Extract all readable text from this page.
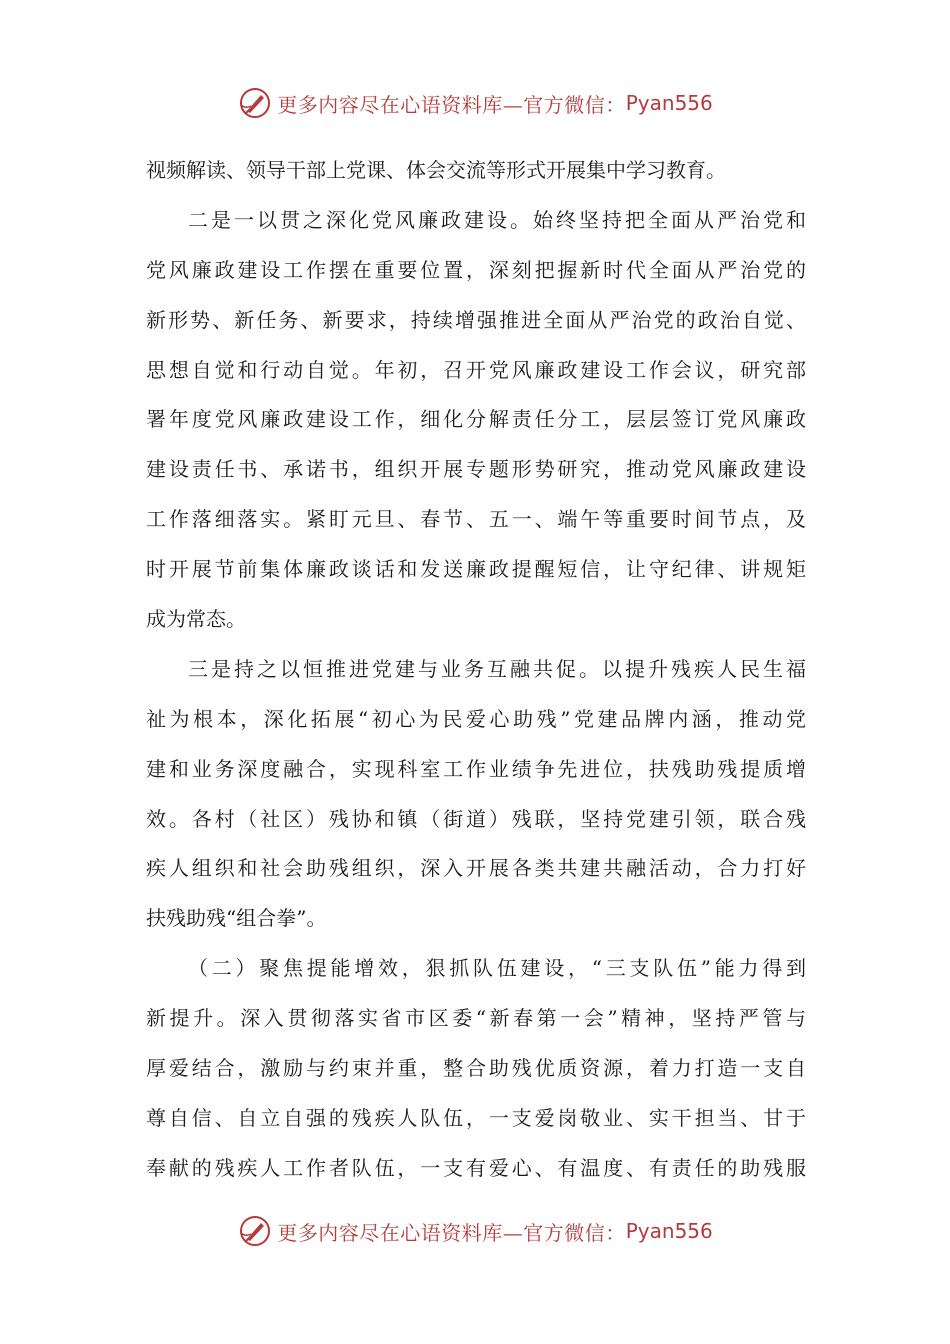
更多内容尽在心语资料库—官方微信： Pyan556
视频解读、领导干部上党课、体会交流等形式开展集中学习教育。
二是一以贯之深化党风廉政建设。始终坚持把全面从严治党和
党风廉政建设工作摆在重要位置，深刻把握新时代全面从严治党的
新形势、新任务、新要求，持续增强推进全面从严治党的政治自觉、
思想自觉和行动自觉。年初，召开党风廉政建设工作会议，研究部
署年度党风廉政建设工作，细化分解责任分工，层层签订党风廉政
建设责任书、承诺书，组织开展专题形势研究，推动党风廉政建设
工作落细落实。紧盯元旦、春节、五一、端午等重要时间节点，及
时开展节前集体廉政谈话和发送廉政提醒短信，让守纪律、讲规矩
成为常态。
三是持之以恒推进党建与业务互融共促。以提升残疾人民生福
祉为根本，深化拓展“初心为民爱心助残”党建品牌内涵，推动党
建和业务深度融合，实现科室工作业绩争先进位，扶残助残提质增
效。各村（社区）残协和镇（街道）残联，坚持党建引领，联合残
疾人组织和社会助残组织，深入开展各类共建共融活动，合力打好
扶残助残“组合拳”。
（二）聚焦提能增效，狠抓队伍建设，“三支队伍”能力得到
新提升。深入贯彻落实省市区委“新春第一会”精神，坚持严管与
厚爱结合，激励与约束并重，整合助残优质资源，着力打造一支自
尊自信、自立自强的残疾人队伍，一支爱岗敬业、实干担当、甘于
奉献的残疾人工作者队伍，一支有爱心、有温度、有责任的助残服
更多内容尽在心语资料库—官方微信： Pyan556
